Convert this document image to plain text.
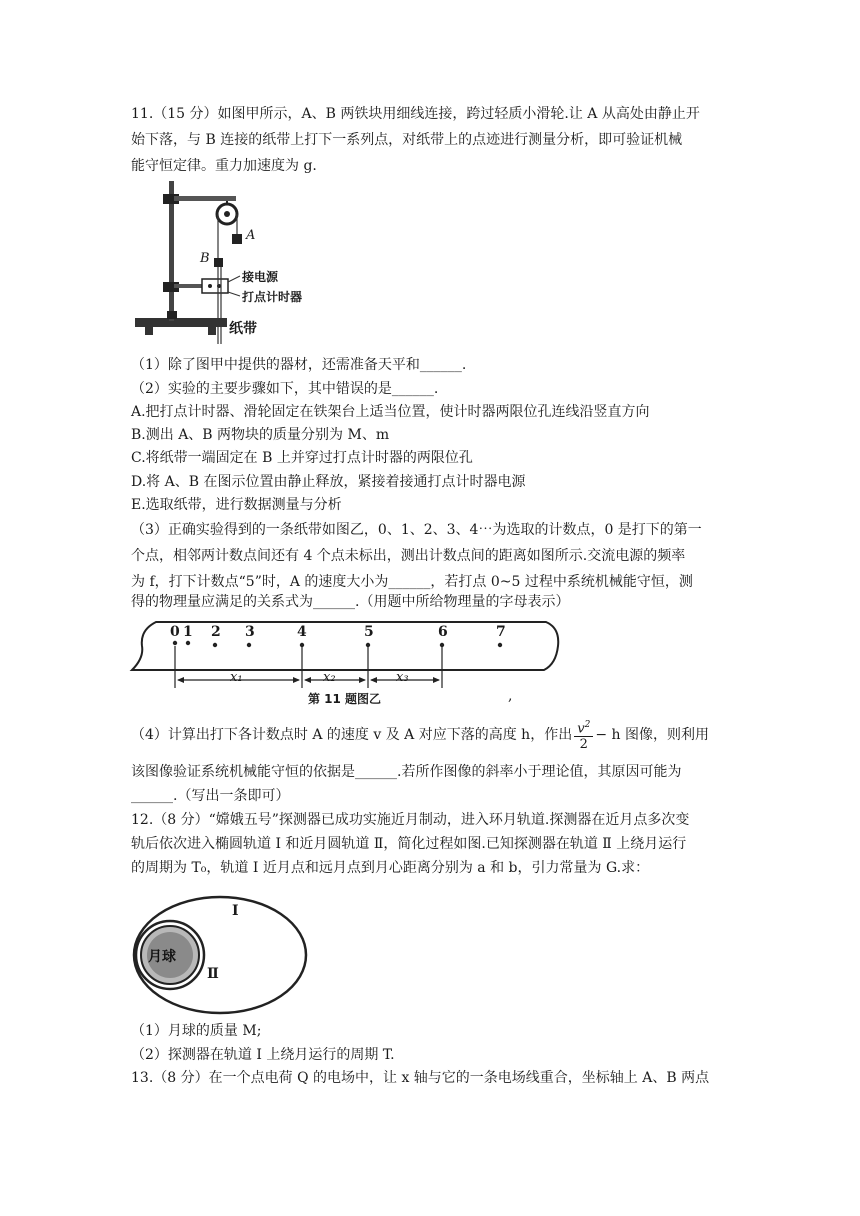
11.（15 分）如图甲所示，A、B 两铁块用细线连接，跨过轻质小滑轮.让 A 从高处由静止开
始下落，与 B 连接的纸带上打下一系列点，对纸带上的点迹进行测量分析，即可验证机械
能守恒定律。重力加速度为 g.
A
B
接电源
打点计时器
纸带
（1）除了图甲中提供的器材，还需准备天平和______.
（2）实验的主要步骤如下，其中错误的是______.
A.把打点计时器、滑轮固定在铁架台上适当位置，使计时器两限位孔连线沿竖直方向
B.测出 A、B 两物块的质量分别为 M、m
C.将纸带一端固定在 B 上并穿过打点计时器的两限位孔
D.将 A、B 在图示位置由静止释放，紧接着接通打点计时器电源
E.选取纸带，进行数据测量与分析
（3）正确实验得到的一条纸带如图乙，0、1、2、3、4⋯为选取的计数点，0 是打下的第一
个点，相邻两计数点间还有 4 个点未标出，测出计数点间的距离如图所示.交流电源的频率
为 f，打下计数点“5”时，A 的速度大小为______，若打点 0~5 过程中系统机械能守恒，测
得的物理量应满足的关系式为______.（用题中所给物理量的字母表示）
0 1 2 3	4	5	6	7
x₁	x₂	x₃
第 11 题图乙	,
（4）计算出打下各计数点时 A 的速度 v 及 A 对应下落的高度 h，作出 $\frac{v^2}{2} - h$ 图像，则利用
该图像验证系统机械能守恒的依据是______.若所作图像的斜率小于理论值，其原因可能为
______.（写出一条即可）
12.（8 分）“嫦娥五号”探测器已成功实施近月制动，进入环月轨道.探测器在近月点多次变
轨后依次进入椭圆轨道 Ⅰ 和近月圆轨道 Ⅱ，简化过程如图.已知探测器在轨道 Ⅱ 上绕月运行
的周期为 T₀，轨道 Ⅰ 近月点和远月点到月心距离分别为 a 和 b，引力常量为 G.求：
Ⅰ
Ⅱ
月球
（1）月球的质量 M;
（2）探测器在轨道 Ⅰ 上绕月运行的周期 T.
13.（8 分）在一个点电荷 Q 的电场中，让 x 轴与它的一条电场线重合，坐标轴上 A、B 两点
